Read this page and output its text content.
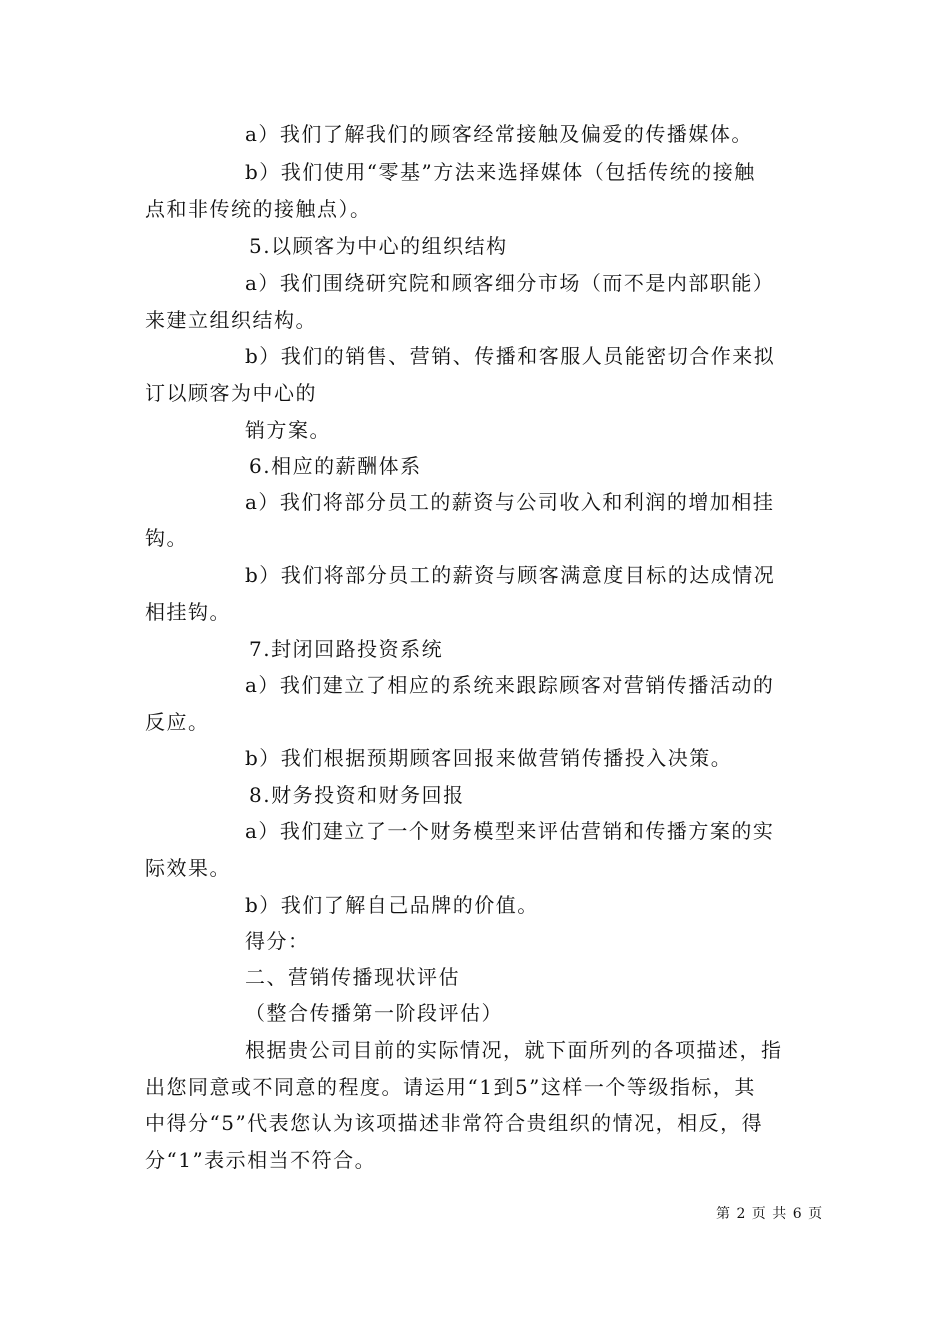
a）我们了解我们的顾客经常接触及偏爱的传播媒体。
b）我们使用“零基”方法来选择媒体（包括传统的接触
点和非传统的接触点）。
5.以顾客为中心的组织结构
a）我们围绕研究院和顾客细分市场（而不是内部职能）
来建立组织结构。
b）我们的销售、营销、传播和客服人员能密切合作来拟
订以顾客为中心的
销方案。
6.相应的薪酬体系
a）我们将部分员工的薪资与公司收入和利润的增加相挂
钩。
b）我们将部分员工的薪资与顾客满意度目标的达成情况
相挂钩。
7.封闭回路投资系统
a）我们建立了相应的系统来跟踪顾客对营销传播活动的
反应。
b）我们根据预期顾客回报来做营销传播投入决策。
8.财务投资和财务回报
a）我们建立了一个财务模型来评估营销和传播方案的实
际效果。
b）我们了解自己品牌的价值。
得分：
二、营销传播现状评估
（整合传播第一阶段评估）
根据贵公司目前的实际情况，就下面所列的各项描述，指
出您同意或不同意的程度。请运用“1到5”这样一个等级指标，其
中得分“5”代表您认为该项描述非常符合贵组织的情况，相反，得
分“1”表示相当不符合。
第 2 页 共 6 页
